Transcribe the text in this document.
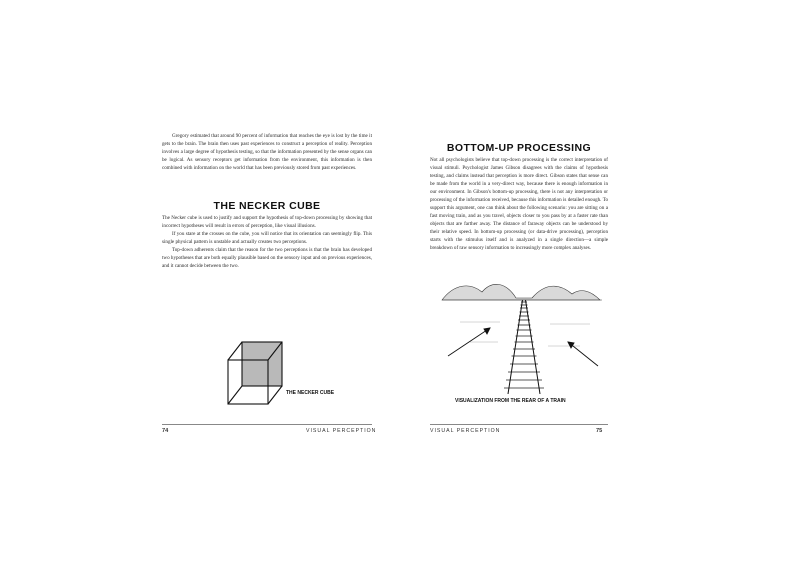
Gregory estimated that around 90 percent of information that reaches the eye is lost by the time it gets to the brain. The brain then uses past experiences to construct a perception of reality. Perception involves a large degree of hypothesis testing, so that the information presented by the sense organs can be logical. As sensory receptors get information from the environment, this information is then combined with information on the world that has been previously stored from past experiences.

THE NECKER CUBE

The Necker cube is used to justify and support the hypothesis of top-down processing by showing that incorrect hypotheses will result in errors of perception, like visual illusions.

If you stare at the crosses on the cube, you will notice that its orientation can seemingly flip. This single physical pattern is unstable and actually creates two perceptions.

Top-down adherents claim that the reason for the two perceptions is that the brain has developed two hypotheses that are both equally plausible based on the sensory input and on previous experiences, and it cannot decide between the two.

THE NECKER CUBE
74	VISUAL PERCEPTION
BOTTOM-UP PROCESSING

Not all psychologists believe that top-down processing is the correct interpretation of visual stimuli. Psychologist James Gibson disagrees with the claims of hypothesis testing, and claims instead that perception is more direct. Gibson states that sense can be made from the world in a very-direct way, because there is enough information in our environment. In Gibson's bottom-up processing, there is not any interpretation or processing of the information received, because this information is detailed enough. To support this argument, one can think about the following scenario: you are sitting on a fast moving train, and as you travel, objects closer to you pass by at a faster rate than objects that are farther away. The distance of faraway objects can be understood by their relative speed. In bottom-up processing (or data-drive processing), perception starts with the stimulus itself and is analyzed in a single direction—a simple breakdown of raw sensory information to increasingly more complex analyses.

VISUALIZATION FROM THE REAR OF A TRAIN
VISUAL PERCEPTION	75
